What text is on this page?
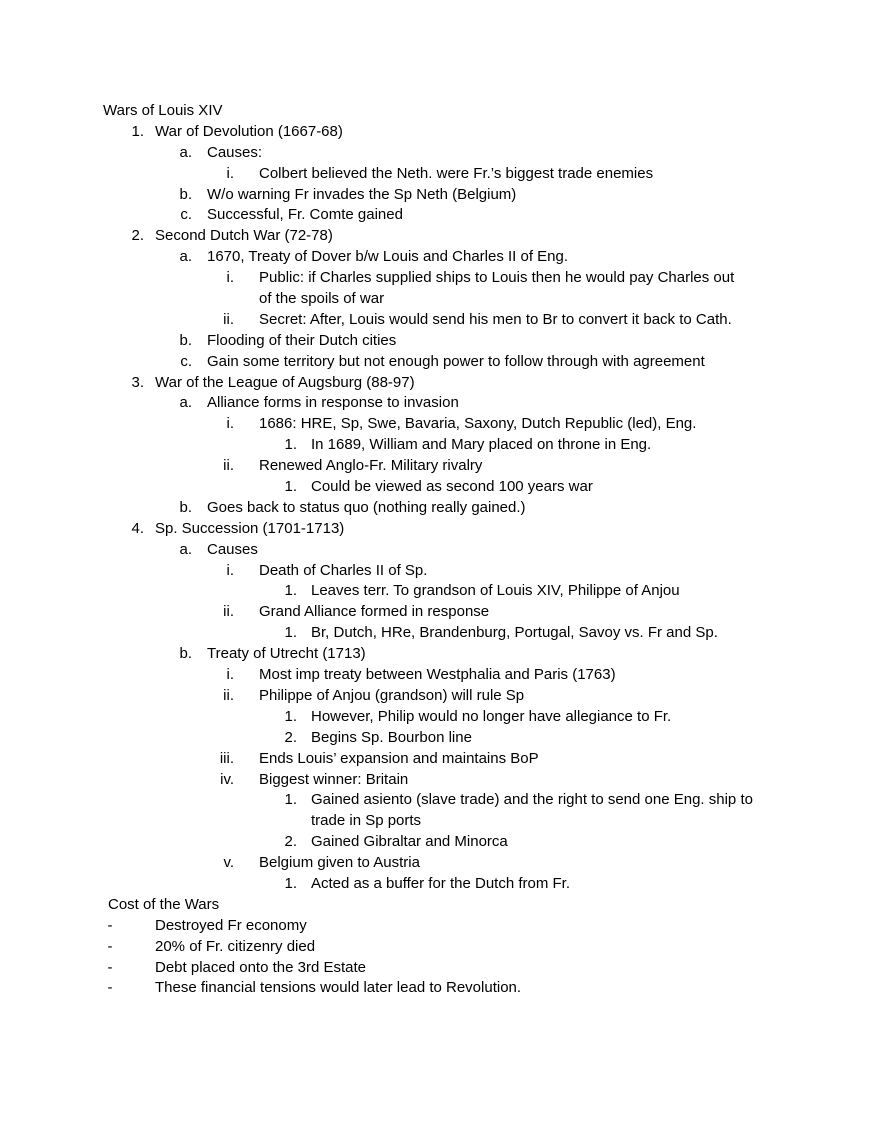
Wars of Louis XIV
1. War of Devolution (1667-68)
a. Causes:
i. Colbert believed the Neth. were Fr.’s biggest trade enemies
b. W/o warning Fr invades the Sp Neth (Belgium)
c. Successful, Fr. Comte gained
2. Second Dutch War (72-78)
a. 1670, Treaty of Dover b/w Louis and Charles II of Eng.
i. Public: if Charles supplied ships to Louis then he would pay Charles out
of the spoils of war
ii. Secret: After, Louis would send his men to Br to convert it back to Cath.
b. Flooding of their Dutch cities
c. Gain some territory but not enough power to follow through with agreement
3. War of the League of Augsburg (88-97)
a. Alliance forms in response to invasion
i. 1686: HRE, Sp, Swe, Bavaria, Saxony, Dutch Republic (led), Eng.
1. In 1689, William and Mary placed on throne in Eng.
ii. Renewed Anglo-Fr. Military rivalry
1. Could be viewed as second 100 years war
b. Goes back to status quo (nothing really gained.)
4. Sp. Succession (1701-1713)
a. Causes
i. Death of Charles II of Sp.
1. Leaves terr. To grandson of Louis XIV, Philippe of Anjou
ii. Grand Alliance formed in response
1. Br, Dutch, HRe, Brandenburg, Portugal, Savoy vs. Fr and Sp.
b. Treaty of Utrecht (1713)
i. Most imp treaty between Westphalia and Paris (1763)
ii. Philippe of Anjou (grandson) will rule Sp
1. However, Philip would no longer have allegiance to Fr.
2. Begins Sp. Bourbon line
iii. Ends Louis’ expansion and maintains BoP
iv. Biggest winner: Britain
1. Gained asiento (slave trade) and the right to send one Eng. ship to
trade in Sp ports
2. Gained Gibraltar and Minorca
v. Belgium given to Austria
1. Acted as a buffer for the Dutch from Fr.
Cost of the Wars
-	Destroyed Fr economy
-	20% of Fr. citizenry died
-	Debt placed onto the 3rd Estate
-	These financial tensions would later lead to Revolution.
